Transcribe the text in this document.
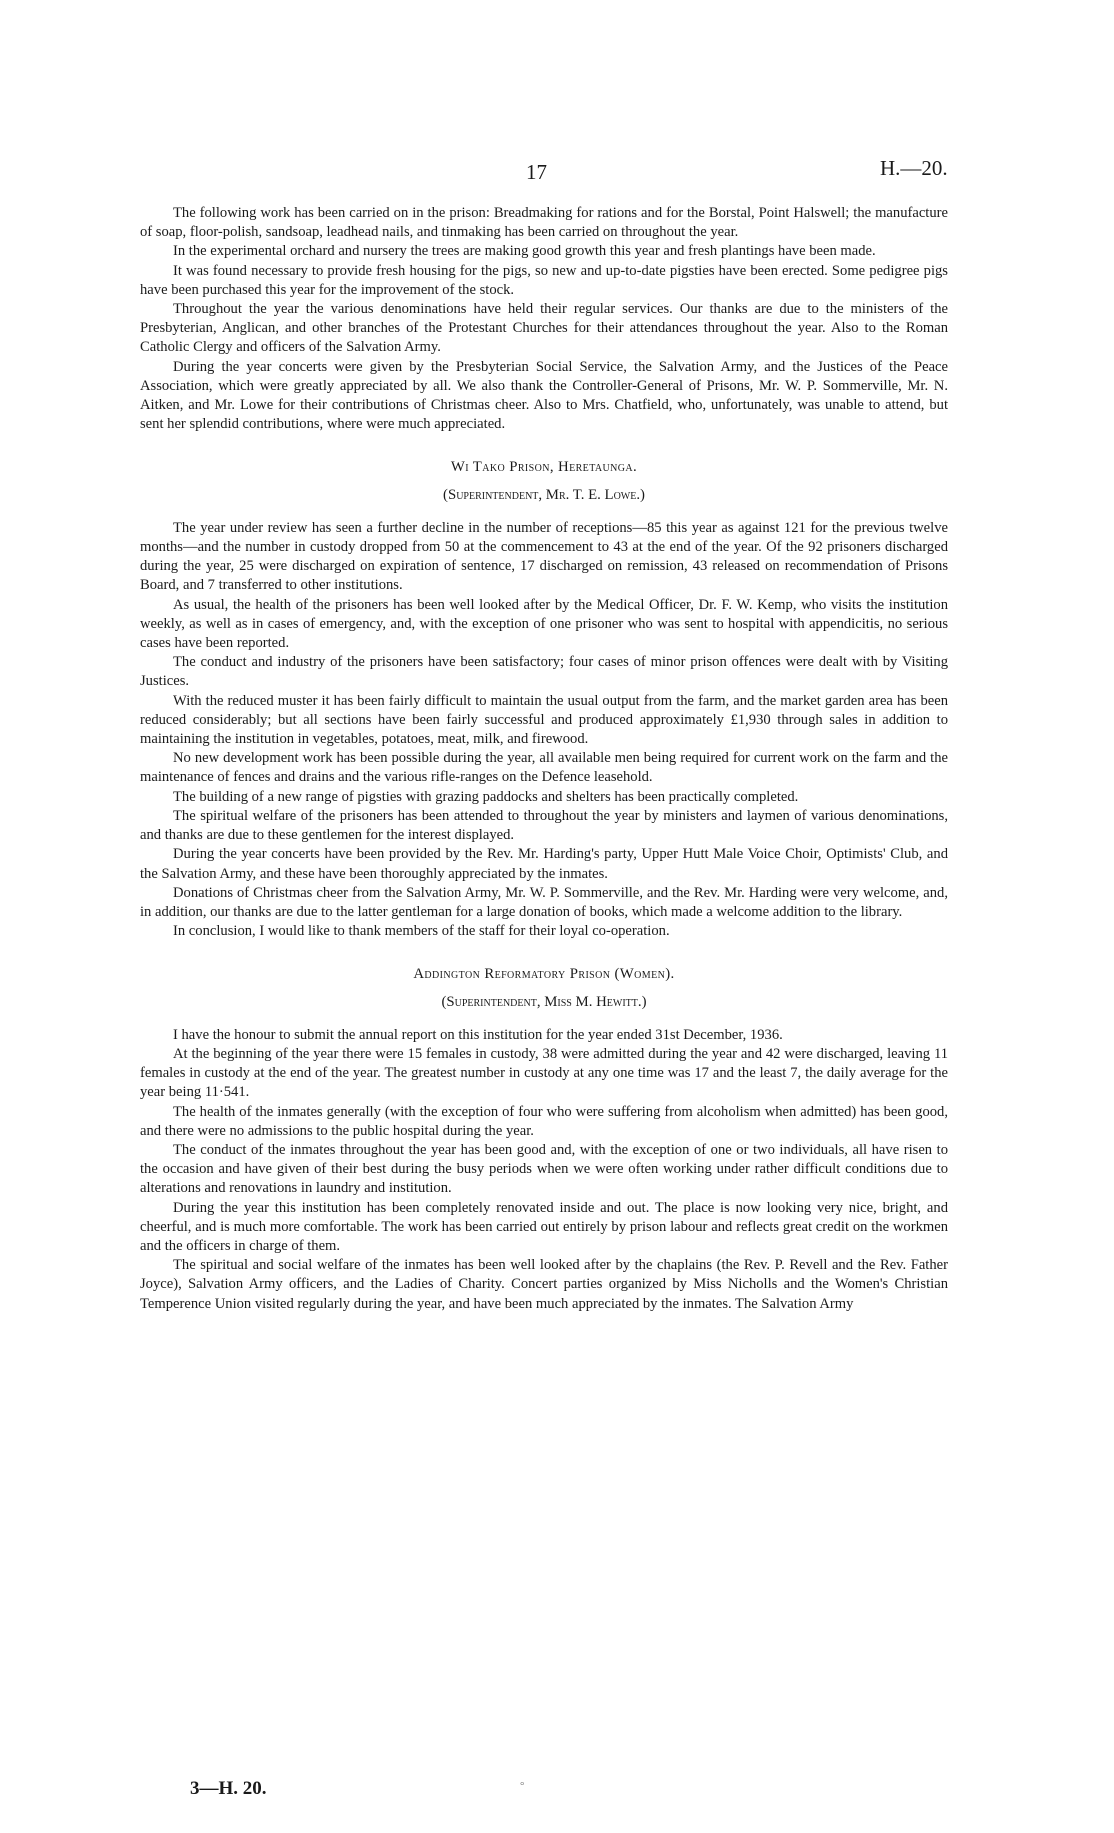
17	H.—20.

The following work has been carried on in the prison: Breadmaking for rations and for the Borstal, Point Halswell; the manufacture of soap, floor-polish, sandsoap, leadhead nails, and tinmaking has been carried on throughout the year.

In the experimental orchard and nursery the trees are making good growth this year and fresh plantings have been made.

It was found necessary to provide fresh housing for the pigs, so new and up-to-date pigsties have been erected. Some pedigree pigs have been purchased this year for the improvement of the stock.

Throughout the year the various denominations have held their regular services. Our thanks are due to the ministers of the Presbyterian, Anglican, and other branches of the Protestant Churches for their attendances throughout the year. Also to the Roman Catholic Clergy and officers of the Salvation Army.

During the year concerts were given by the Presbyterian Social Service, the Salvation Army, and the Justices of the Peace Association, which were greatly appreciated by all. We also thank the Controller-General of Prisons, Mr. W. P. Sommerville, Mr. N. Aitken, and Mr. Lowe for their contributions of Christmas cheer. Also to Mrs. Chatfield, who, unfortunately, was unable to attend, but sent her splendid contributions, where were much appreciated.

Wi Tako Prison, Heretaunga.
(Superintendent, Mr. T. E. Lowe.)

The year under review has seen a further decline in the number of receptions—85 this year as against 121 for the previous twelve months—and the number in custody dropped from 50 at the commencement to 43 at the end of the year. Of the 92 prisoners discharged during the year, 25 were discharged on expiration of sentence, 17 discharged on remission, 43 released on recommendation of Prisons Board, and 7 transferred to other institutions.

As usual, the health of the prisoners has been well looked after by the Medical Officer, Dr. F. W. Kemp, who visits the institution weekly, as well as in cases of emergency, and, with the exception of one prisoner who was sent to hospital with appendicitis, no serious cases have been reported.

The conduct and industry of the prisoners have been satisfactory; four cases of minor prison offences were dealt with by Visiting Justices.

With the reduced muster it has been fairly difficult to maintain the usual output from the farm, and the market garden area has been reduced considerably; but all sections have been fairly successful and produced approximately £1,930 through sales in addition to maintaining the institution in vegetables, potatoes, meat, milk, and firewood.

No new development work has been possible during the year, all available men being required for current work on the farm and the maintenance of fences and drains and the various rifle-ranges on the Defence leasehold.

The building of a new range of pigsties with grazing paddocks and shelters has been practically completed.

The spiritual welfare of the prisoners has been attended to throughout the year by ministers and laymen of various denominations, and thanks are due to these gentlemen for the interest displayed.

During the year concerts have been provided by the Rev. Mr. Harding's party, Upper Hutt Male Voice Choir, Optimists' Club, and the Salvation Army, and these have been thoroughly appreciated by the inmates.

Donations of Christmas cheer from the Salvation Army, Mr. W. P. Sommerville, and the Rev. Mr. Harding were very welcome, and, in addition, our thanks are due to the latter gentleman for a large donation of books, which made a welcome addition to the library.

In conclusion, I would like to thank members of the staff for their loyal co-operation.

Addington Reformatory Prison (Women).
(Superintendent, Miss M. Hewitt.)

I have the honour to submit the annual report on this institution for the year ended 31st December, 1936.

At the beginning of the year there were 15 females in custody, 38 were admitted during the year and 42 were discharged, leaving 11 females in custody at the end of the year. The greatest number in custody at any one time was 17 and the least 7, the daily average for the year being 11·541.

The health of the inmates generally (with the exception of four who were suffering from alcoholism when admitted) has been good, and there were no admissions to the public hospital during the year.

The conduct of the inmates throughout the year has been good and, with the exception of one or two individuals, all have risen to the occasion and have given of their best during the busy periods when we were often working under rather difficult conditions due to alterations and renovations in laundry and institution.

During the year this institution has been completely renovated inside and out. The place is now looking very nice, bright, and cheerful, and is much more comfortable. The work has been carried out entirely by prison labour and reflects great credit on the workmen and the officers in charge of them.

The spiritual and social welfare of the inmates has been well looked after by the chaplains (the Rev. P. Revell and the Rev. Father Joyce), Salvation Army officers, and the Ladies of Charity. Concert parties organized by Miss Nicholls and the Women's Christian Temperence Union visited regularly during the year, and have been much appreciated by the inmates. The Salvation Army

3—H. 20.	°
